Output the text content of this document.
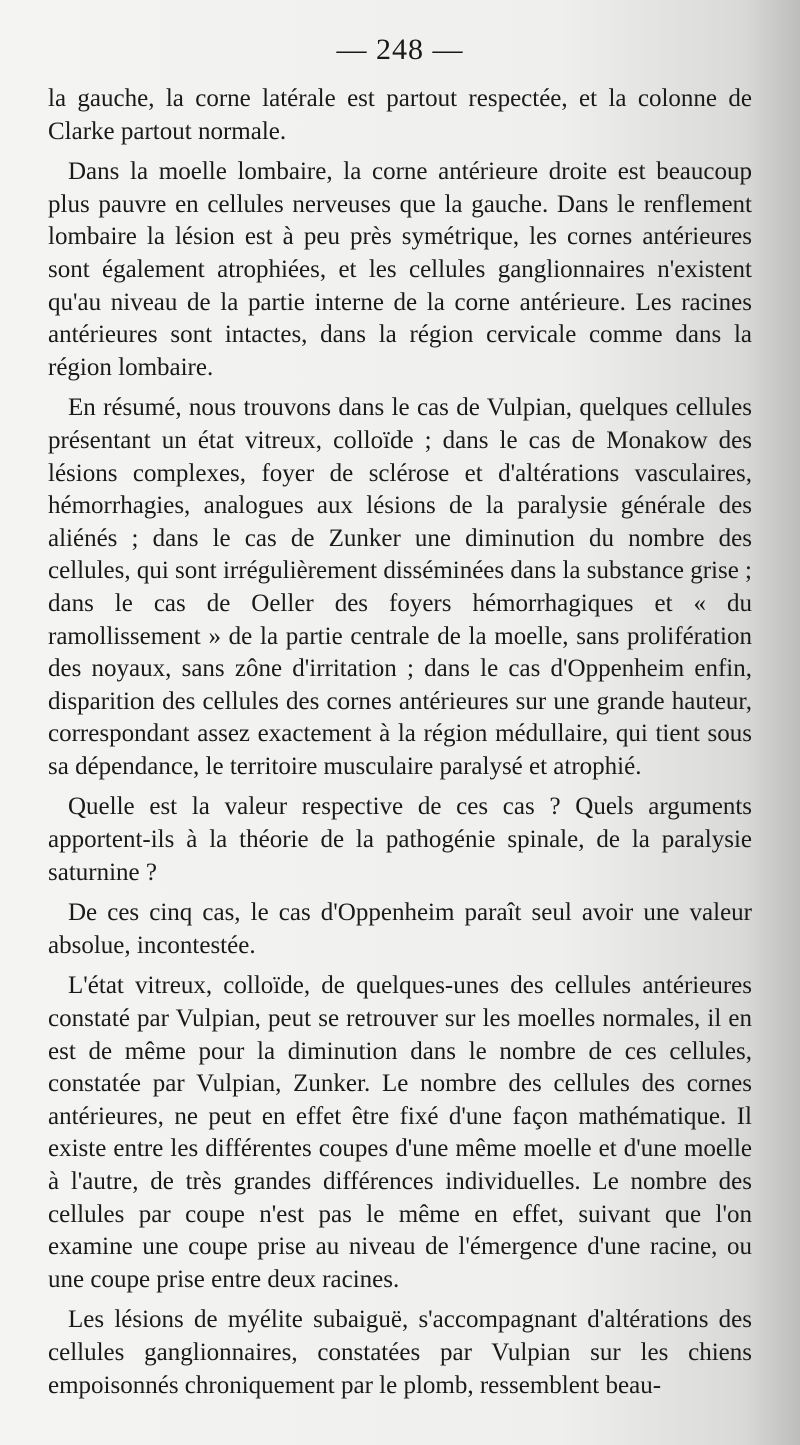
— 248 —

la gauche, la corne latérale est partout respectée, et la colonne de Clarke partout normale.

Dans la moelle lombaire, la corne antérieure droite est beaucoup plus pauvre en cellules nerveuses que la gauche. Dans le renflement lombaire la lésion est à peu près symétrique, les cornes antérieures sont également atrophiées, et les cellules ganglionnaires n'existent qu'au niveau de la partie interne de la corne antérieure. Les racines antérieures sont intactes, dans la région cervicale comme dans la région lombaire.

En résumé, nous trouvons dans le cas de Vulpian, quelques cellules présentant un état vitreux, colloïde ; dans le cas de Monakow des lésions complexes, foyer de sclérose et d'altérations vasculaires, hémorrhagies, analogues aux lésions de la paralysie générale des aliénés ; dans le cas de Zunker une diminution du nombre des cellules, qui sont irrégulièrement disséminées dans la substance grise ; dans le cas de Oeller des foyers hémorrhagiques et « du ramollissement » de la partie centrale de la moelle, sans prolifération des noyaux, sans zône d'irritation ; dans le cas d'Oppenheim enfin, disparition des cellules des cornes antérieures sur une grande hauteur, correspondant assez exactement à la région médullaire, qui tient sous sa dépendance, le territoire musculaire paralysé et atrophié.

Quelle est la valeur respective de ces cas ? Quels arguments apportent-ils à la théorie de la pathogénie spinale, de la paralysie saturnine ?

De ces cinq cas, le cas d'Oppenheim paraît seul avoir une valeur absolue, incontestée.

L'état vitreux, colloïde, de quelques-unes des cellules antérieures constaté par Vulpian, peut se retrouver sur les moelles normales, il en est de même pour la diminution dans le nombre de ces cellules, constatée par Vulpian, Zunker. Le nombre des cellules des cornes antérieures, ne peut en effet être fixé d'une façon mathématique. Il existe entre les différentes coupes d'une même moelle et d'une moelle à l'autre, de très grandes différences individuelles. Le nombre des cellules par coupe n'est pas le même en effet, suivant que l'on examine une coupe prise au niveau de l'émergence d'une racine, ou une coupe prise entre deux racines.

Les lésions de myélite subaiguë, s'accompagnant d'altérations des cellules ganglionnaires, constatées par Vulpian sur les chiens empoisonnés chroniquement par le plomb, ressemblent beau-
